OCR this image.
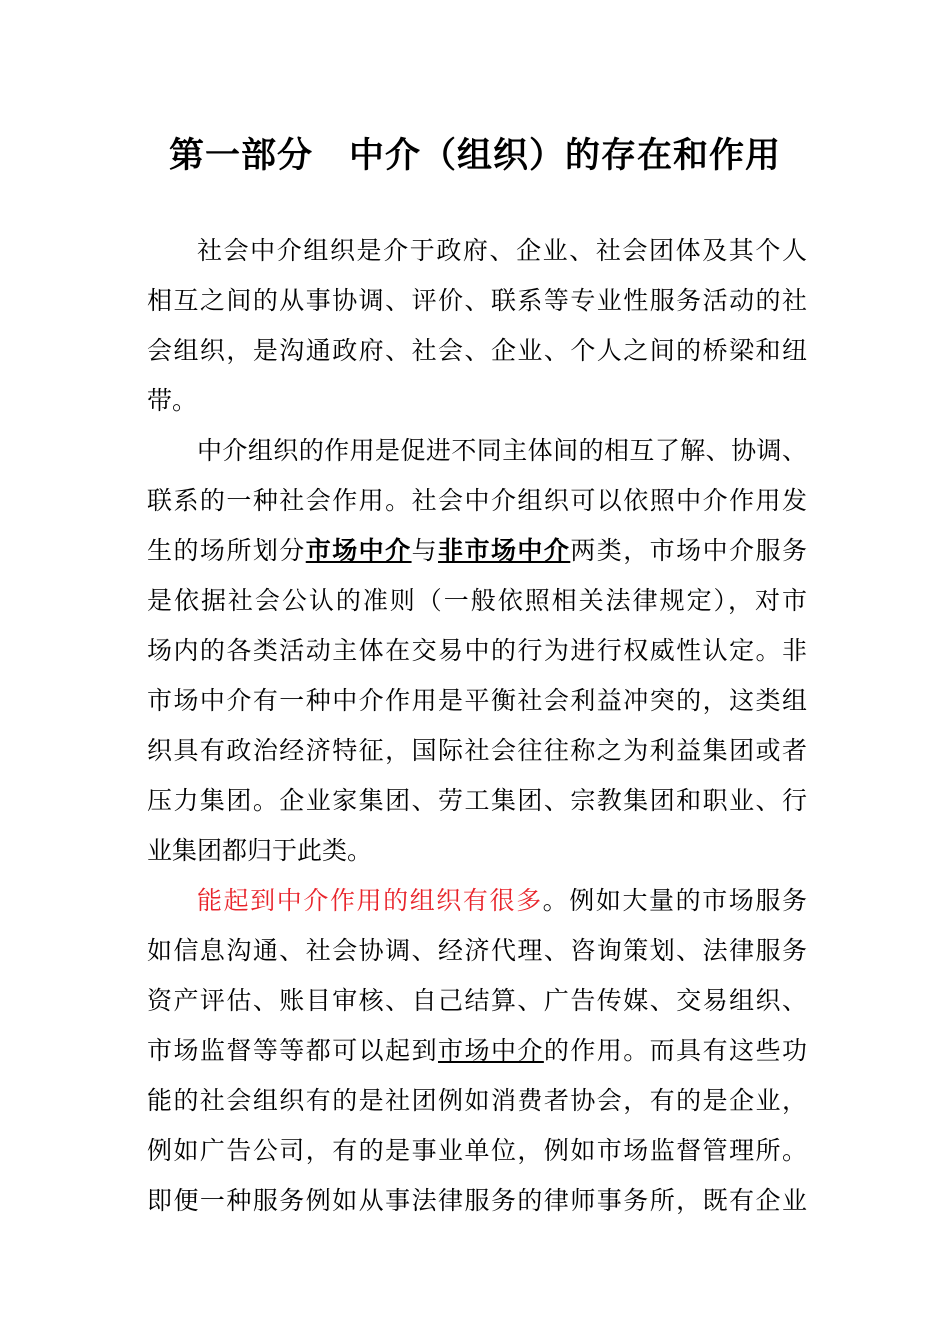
第一部分　中介（组织）的存在和作用

社会中介组织是介于政府、企业、社会团体及其个人

相互之间的从事协调、评价、联系等专业性服务活动的社

会组织，是沟通政府、社会、企业、个人之间的桥梁和纽

带。

中介组织的作用是促进不同主体间的相互了解、协调、

联系的一种社会作用。社会中介组织可以依照中介作用发

生的场所划分市场中介与非市场中介两类，市场中介服务

是依据社会公认的准则（一般依照相关法律规定），对市

场内的各类活动主体在交易中的行为进行权威性认定。非

市场中介有一种中介作用是平衡社会利益冲突的，这类组

织具有政治经济特征，国际社会往往称之为利益集团或者

压力集团。企业家集团、劳工集团、宗教集团和职业、行

业集团都归于此类。

能起到中介作用的组织有很多。例如大量的市场服务

如信息沟通、社会协调、经济代理、咨询策划、法律服务

资产评估、账目审核、自己结算、广告传媒、交易组织、

市场监督等等都可以起到市场中介的作用。而具有这些功

能的社会组织有的是社团例如消费者协会，有的是企业，

例如广告公司，有的是事业单位，例如市场监督管理所。

即便一种服务例如从事法律服务的律师事务所，既有企业
